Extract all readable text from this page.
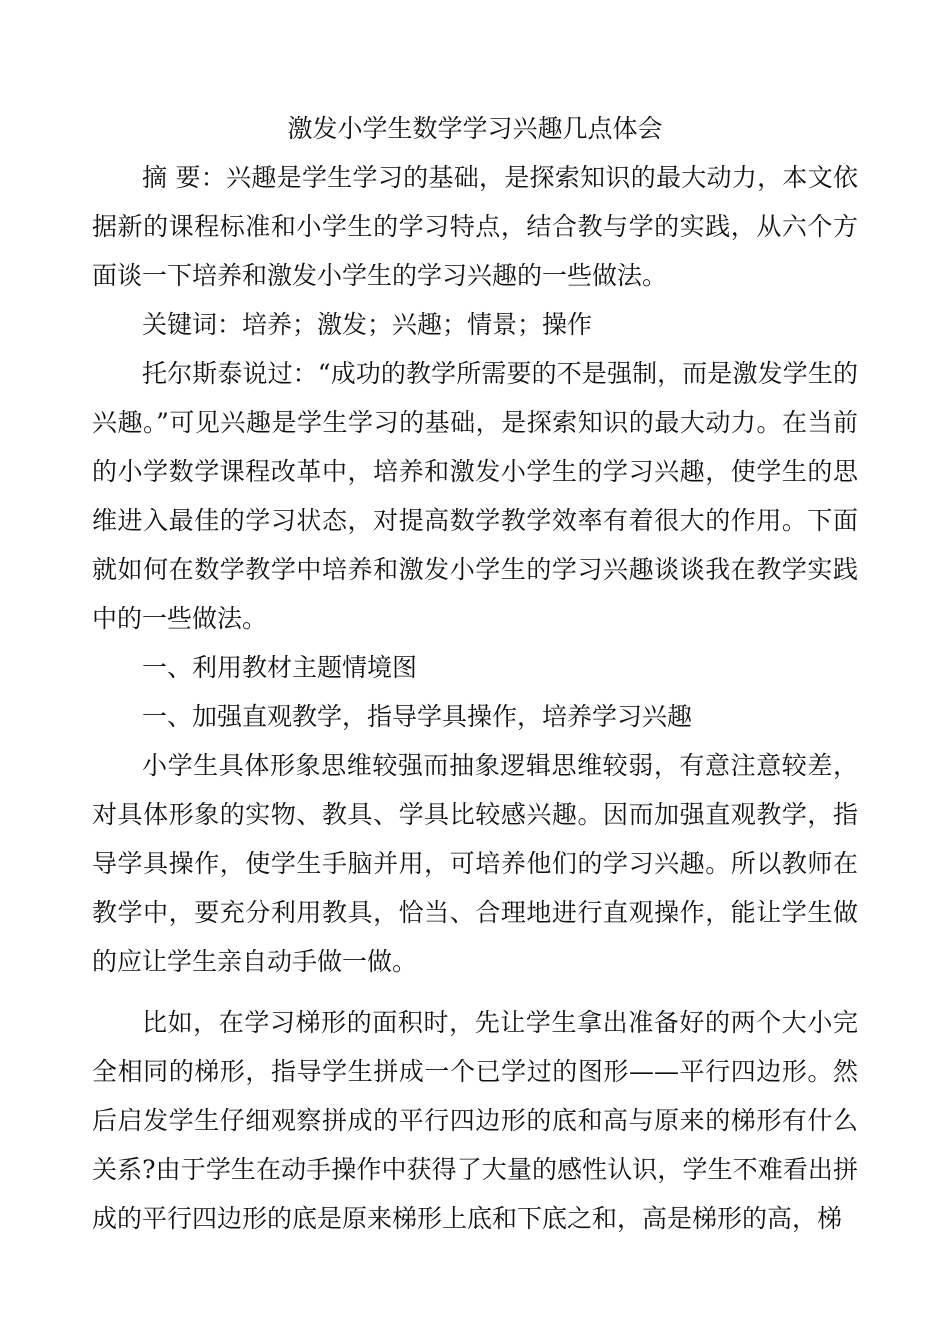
激发小学生数学学习兴趣几点体会

摘 要：兴趣是学生学习的基础，是探索知识的最大动力，本文依据新的课程标准和小学生的学习特点，结合教与学的实践，从六个方面谈一下培养和激发小学生的学习兴趣的一些做法。

关键词：培养；激发；兴趣；情景；操作

托尔斯泰说过：“成功的教学所需要的不是强制，而是激发学生的兴趣。”可见兴趣是学生学习的基础，是探索知识的最大动力。在当前的小学数学课程改革中，培养和激发小学生的学习兴趣，使学生的思维进入最佳的学习状态，对提高数学教学效率有着很大的作用。下面就如何在数学教学中培养和激发小学生的学习兴趣谈谈我在教学实践中的一些做法。

一、利用教材主题情境图

一、加强直观教学，指导学具操作，培养学习兴趣

小学生具体形象思维较强而抽象逻辑思维较弱，有意注意较差，对具体形象的实物、教具、学具比较感兴趣。因而加强直观教学，指导学具操作，使学生手脑并用，可培养他们的学习兴趣。所以教师在教学中，要充分利用教具，恰当、合理地进行直观操作，能让学生做的应让学生亲自动手做一做。

比如，在学习梯形的面积时，先让学生拿出准备好的两个大小完全相同的梯形，指导学生拼成一个已学过的图形——平行四边形。然后启发学生仔细观察拼成的平行四边形的底和高与原来的梯形有什么关系?由于学生在动手操作中获得了大量的感性认识，学生不难看出拼成的平行四边形的底是原来梯形上底和下底之和，高是梯形的高，梯
